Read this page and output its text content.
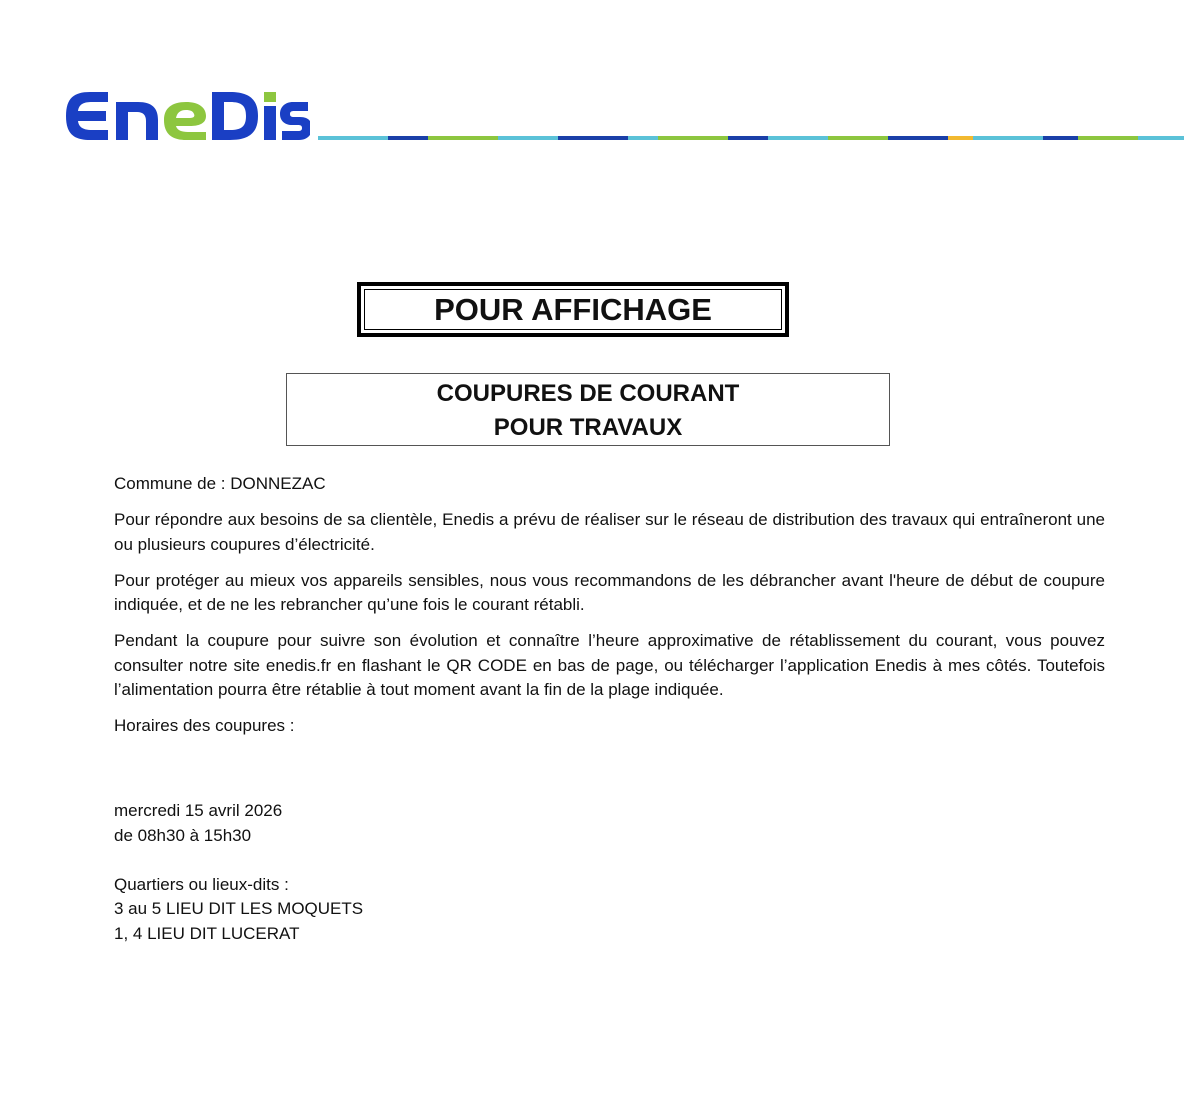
POUR AFFICHAGE
COUPURES DE COURANT
POUR TRAVAUX

Commune de : DONNEZAC

Pour répondre aux besoins de sa clientèle, Enedis a prévu de réaliser sur le réseau de distribution des travaux qui entraîneront une ou plusieurs coupures d’électricité.

Pour protéger au mieux vos appareils sensibles, nous vous recommandons de les débrancher avant l'heure de début de coupure indiquée, et de ne les rebrancher qu’une fois le courant rétabli.

Pendant la coupure pour suivre son évolution et connaître l’heure approximative de rétablissement du courant, vous pouvez consulter notre site enedis.fr en flashant le QR CODE en bas de page, ou télécharger l’application Enedis à mes côtés. Toutefois l’alimentation pourra être rétablie à tout moment avant la fin de la plage indiquée.

Horaires des coupures :

mercredi 15 avril 2026
de 08h30 à 15h30
Quartiers ou lieux-dits :
3 au 5 LIEU DIT LES MOQUETS
1, 4 LIEU DIT LUCERAT
